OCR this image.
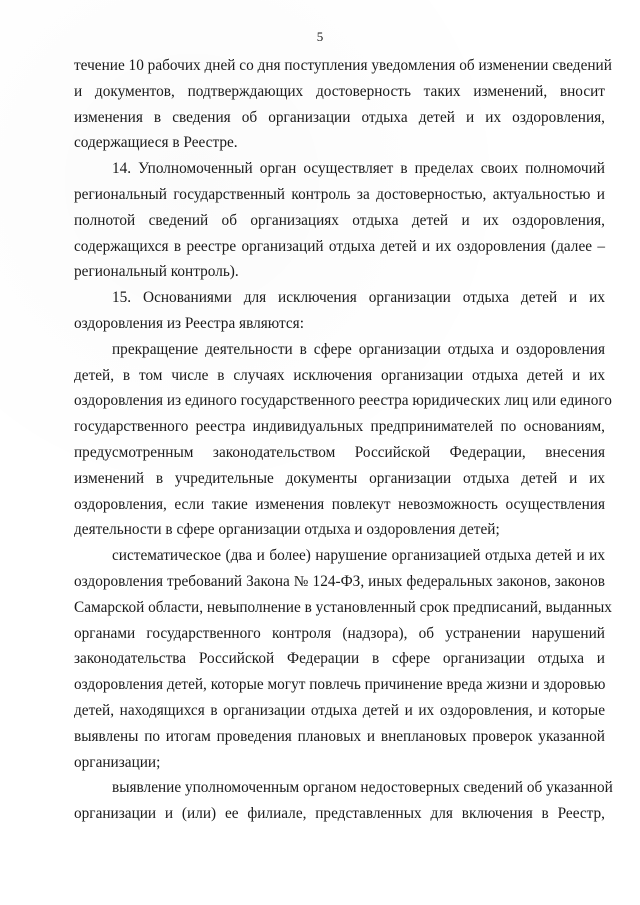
5
течение 10 рабочих дней со дня поступления уведомления об изменении сведений
и документов, подтверждающих достоверность таких изменений, вносит
изменения в сведения об организации отдыха детей и их оздоровления,
содержащиеся в Реестре.
14. Уполномоченный орган осуществляет в пределах своих полномочий
региональный государственный контроль за достоверностью, актуальностью и
полнотой сведений об организациях отдыха детей и их оздоровления,
содержащихся в реестре организаций отдыха детей и их оздоровления (далее –
региональный контроль).
15. Основаниями для исключения организации отдыха детей и их
оздоровления из Реестра являются:
прекращение деятельности в сфере организации отдыха и оздоровления
детей, в том числе в случаях исключения организации отдыха детей и их
оздоровления из единого государственного реестра юридических лиц или единого
государственного реестра индивидуальных предпринимателей по основаниям,
предусмотренным законодательством Российской Федерации, внесения
изменений в учредительные документы организации отдыха детей и их
оздоровления, если такие изменения повлекут невозможность осуществления
деятельности в сфере организации отдыха и оздоровления детей;
систематическое (два и более) нарушение организацией отдыха детей и их
оздоровления требований Закона № 124-ФЗ, иных федеральных законов, законов
Самарской области, невыполнение в установленный срок предписаний, выданных
органами государственного контроля (надзора), об устранении нарушений
законодательства Российской Федерации в сфере организации отдыха и
оздоровления детей, которые могут повлечь причинение вреда жизни и здоровью
детей, находящихся в организации отдыха детей и их оздоровления, и которые
выявлены по итогам проведения плановых и внеплановых проверок указанной
организации;
выявление уполномоченным органом недостоверных сведений об указанной
организации и (или) ее филиале, представленных для включения в Реестр,
